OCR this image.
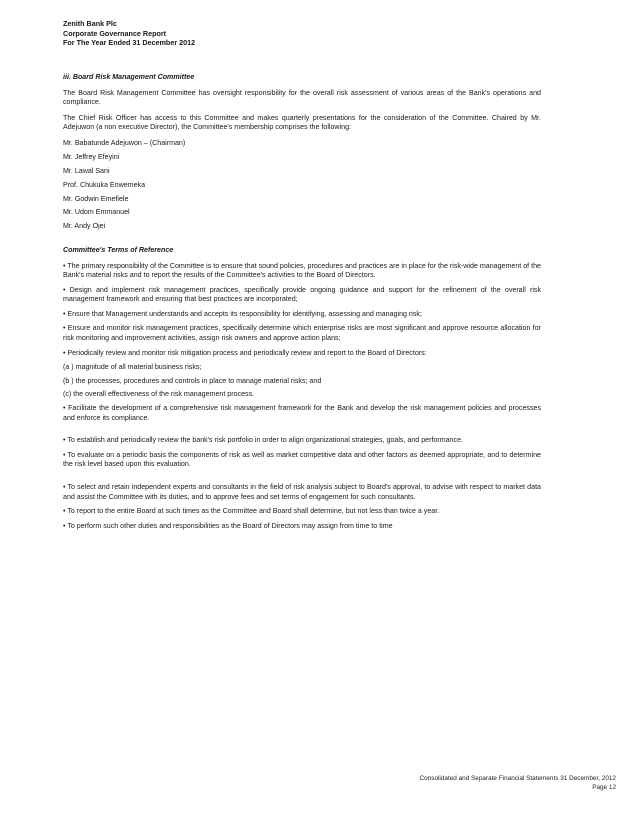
Zenith Bank Plc
Corporate Governance Report
For The Year Ended 31 December 2012
iii. Board Risk Management Committee
The Board Risk Management Committee has oversight responsibility for the overall risk assessment of various areas of the Bank's operations and compliance.
The Chief Risk Officer has access to this Committee and makes quarterly presentations for the consideration of the Committee. Chaired by Mr. Adejuwon (a non executive Director), the Committee's membership comprises the following:
Mr. Babatunde Adejuwon – (Chairman)
Mr. Jeffrey Efeyini
Mr. Lawal Sani
Prof. Chukuka Enwemeka
Mr. Godwin Emefiele
Mr. Udom Emmanuel
Mr. Andy Ojei
Committee's Terms of Reference
• The primary responsibility of the Committee is to ensure that sound policies, procedures and practices are in place for the risk-wide management of the Bank's material risks and to report the results of the Committee's activities to the Board of Directors.
• Design and implement risk management practices, specifically provide ongoing guidance and support for the refinement of the overall risk management framework and ensuring that best practices are incorporated;
• Ensure that Management understands and accepts its responsibility for identifying, assessing and managing risk;
• Ensure and monitor risk management practices, specifically determine which enterprise risks are most significant and approve resource allocation for risk monitoring and improvement activities, assign risk owners and approve action plans;
• Periodically review and monitor risk mitigation process and periodically review and report to the Board of Directors:
(a ) magnitude of all material business risks;
(b ) the processes, procedures and controls in place to manage material risks; and
(c) the overall effectiveness of the risk management process.
• Facilitate the development of a comprehensive risk management framework for the Bank and develop the risk management policies and processes and enforce its compliance.
• To establish and periodically review the bank's risk portfolio in order to align organizational strategies, goals, and performance.
• To evaluate on a periodic basis the components of risk as well as market competitive data and other factors as deemed appropriate, and to determine the risk level based upon this evaluation.
• To select and retain independent experts and consultants in the field of risk analysis subject to Board's approval, to advise with respect to market data and assist the Committee with its duties, and to approve fees and set terms of engagement for such consultants.
• To report to the entire Board at such times as the Committee and Board shall determine, but not less than twice a year.
• To perform such other duties and responsibilities as the Board of Directors may assign from time to time
Consolidated and Separate Financial Statements 31 December, 2012
Page 12
